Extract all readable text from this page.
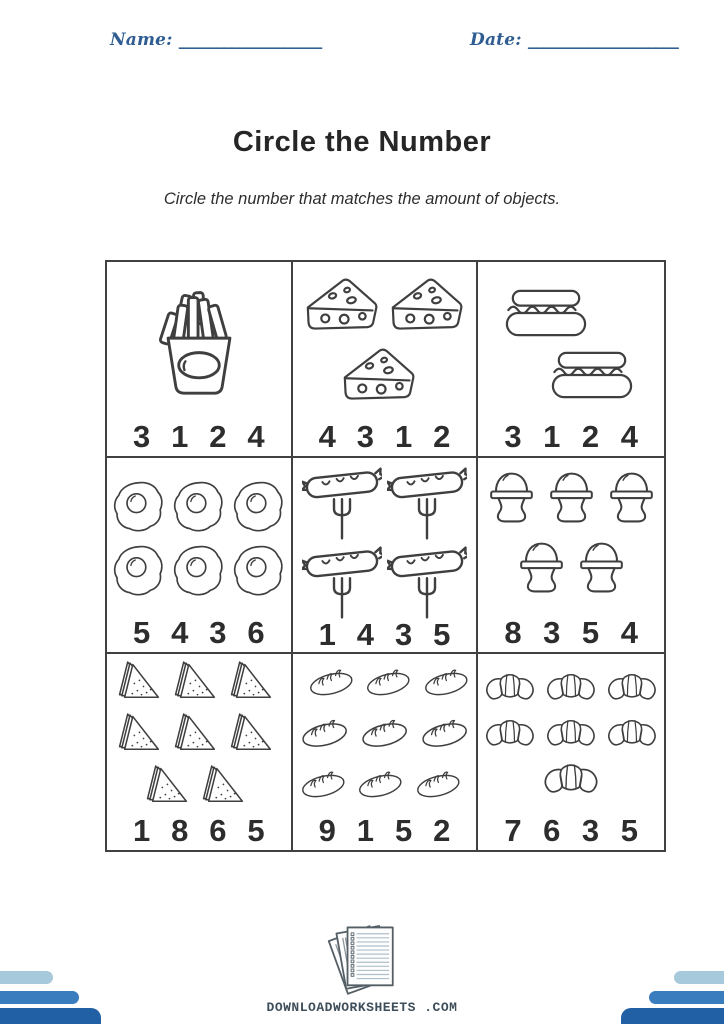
Name: ___________________	Date: ____________________
Circle the Number
Circle the number that matches the amount of objects.
3 1 2 4 4 3 1 2 3 1 2 4
5 4 3 6 1 4 3 5 8 3 5 4
1 8 6 5 9 1 5 2 7 6 3 5
DOWNLOADWORKSHEETS .COM
